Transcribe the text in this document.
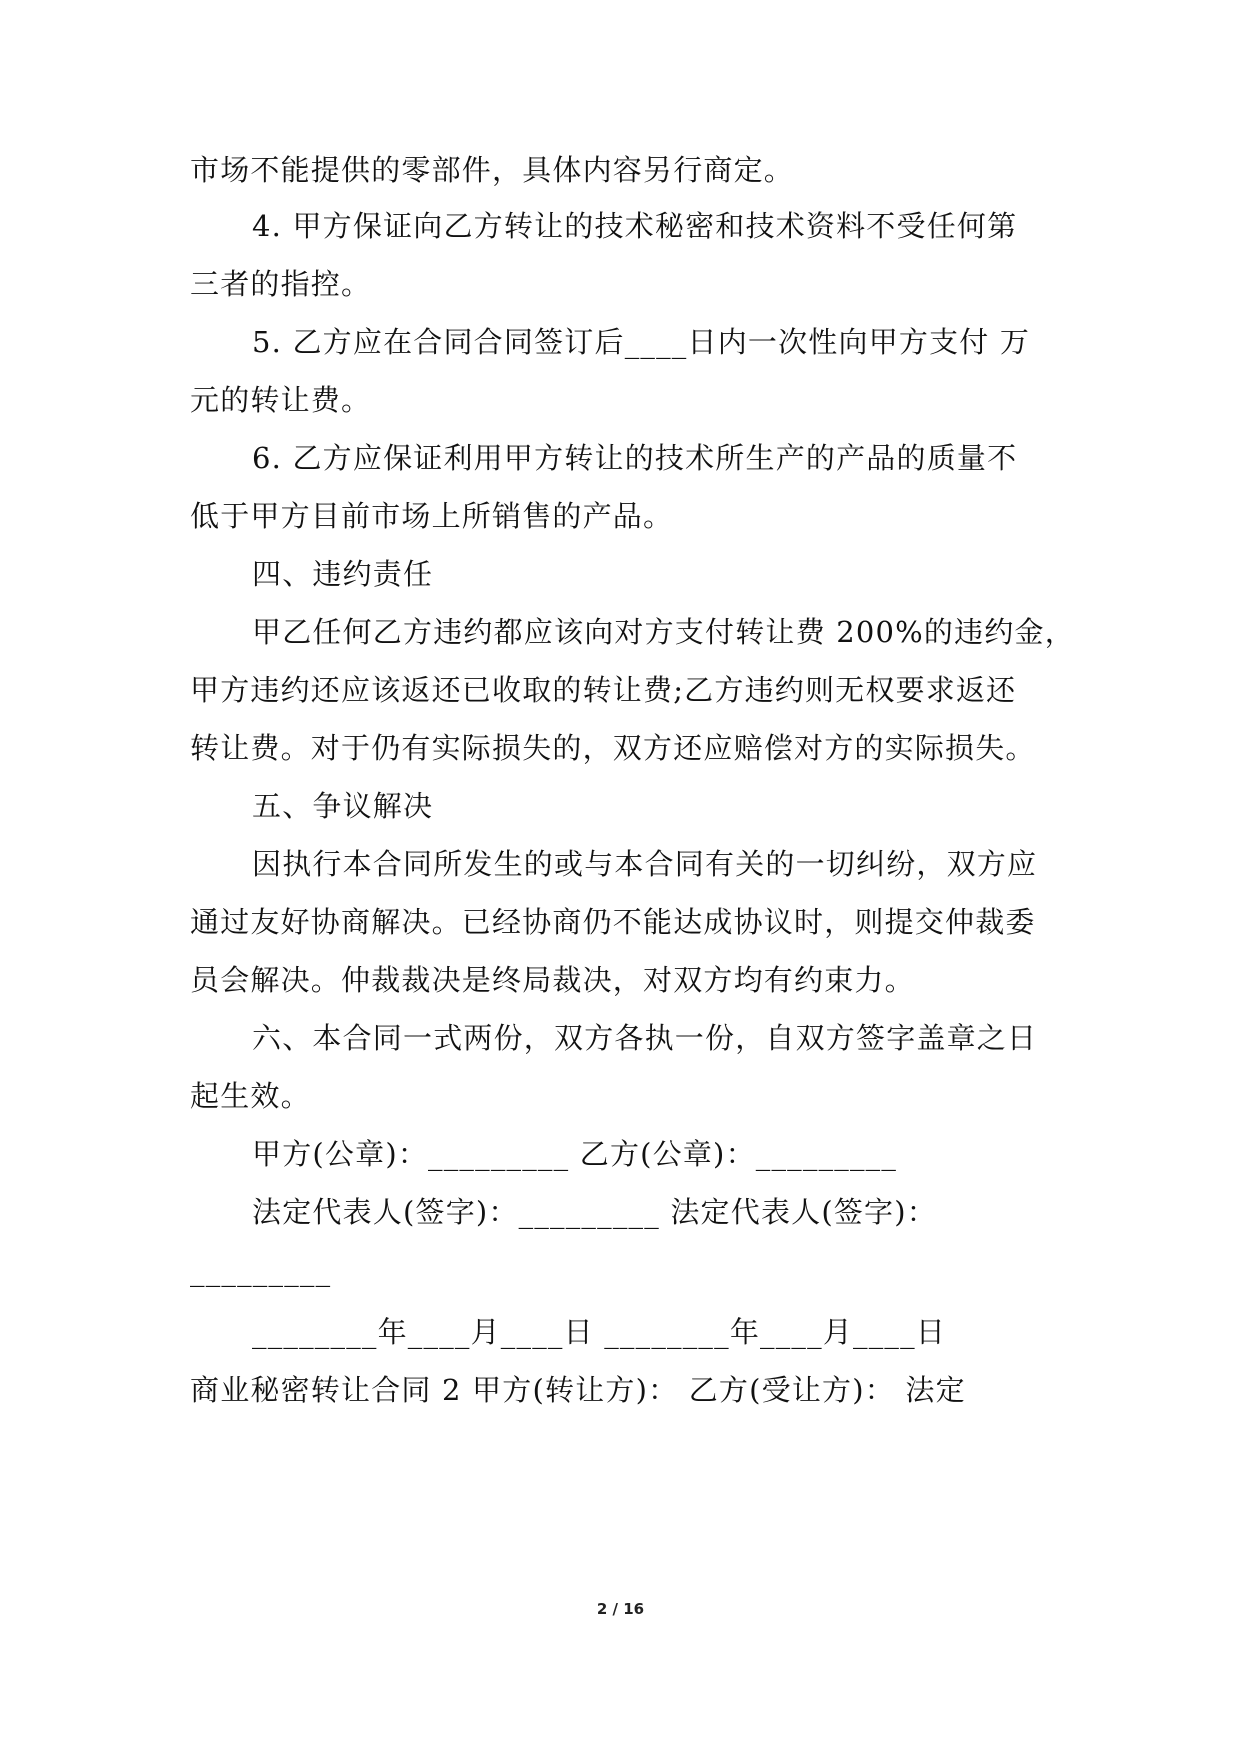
市场不能提供的零部件，具体内容另行商定。
4. 甲方保证向乙方转让的技术秘密和技术资料不受任何第
三者的指控。
5. 乙方应在合同合同签订后____日内一次性向甲方支付 万
元的转让费。
6. 乙方应保证利用甲方转让的技术所生产的产品的质量不
低于甲方目前市场上所销售的产品。
四、违约责任
甲乙任何乙方违约都应该向对方支付转让费 200%的违约金，
甲方违约还应该返还已收取的转让费;乙方违约则无权要求返还
转让费。对于仍有实际损失的，双方还应赔偿对方的实际损失。
五、争议解决
因执行本合同所发生的或与本合同有关的一切纠纷，双方应
通过友好协商解决。已经协商仍不能达成协议时，则提交仲裁委
员会解决。仲裁裁决是终局裁决，对双方均有约束力。
六、本合同一式两份，双方各执一份，自双方签字盖章之日
起生效。
甲方(公章)：_________ 乙方(公章)：_________
法定代表人(签字)：_________ 法定代表人(签字)：
_________
________年____月____日 ________年____月____日
商业秘密转让合同 2 甲方(转让方)： 乙方(受让方)： 法定
2 / 16
